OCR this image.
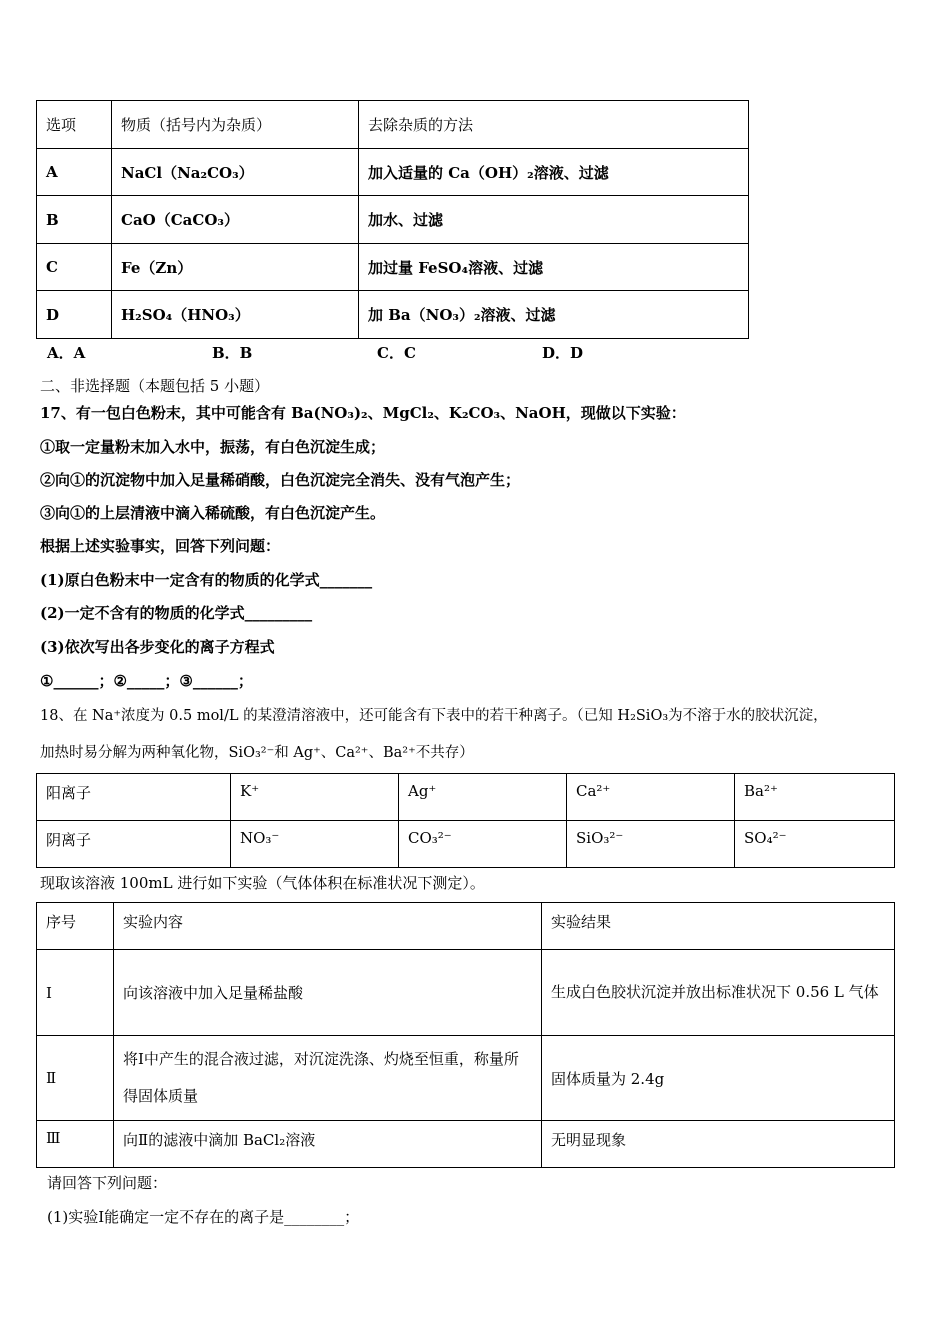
选项	物质（括号内为杂质）	去除杂质的方法
A	NaCl（Na₂CO₃）	加入适量的 Ca（OH）₂溶液、过滤
B	CaO（CaCO₃）	加水、过滤
C	Fe（Zn）	加过量 FeSO₄溶液、过滤
D	H₂SO₄（HNO₃）	加 Ba（NO₃）₂溶液、过滤
A．A	B．B	C．C	D．D
二、非选择题（本题包括 5 小题）
17、有一包白色粉末，其中可能含有 Ba(NO₃)₂、MgCl₂、K₂CO₃、NaOH，现做以下实验：
①取一定量粉末加入水中，振荡，有白色沉淀生成；
②向①的沉淀物中加入足量稀硝酸，白色沉淀完全消失、没有气泡产生；
③向①的上层清液中滴入稀硫酸，有白色沉淀产生。
根据上述实验事实，回答下列问题：
(1)原白色粉末中一定含有的物质的化学式_______
(2)一定不含有的物质的化学式_________
(3)依次写出各步变化的离子方程式
①______；②_____；③______；
18、在 Na⁺浓度为 0.5 mol/L 的某澄清溶液中，还可能含有下表中的若干种离子。（已知 H₂SiO₃为不溶于水的胶状沉淀，
加热时易分解为两种氧化物，SiO₃²⁻和 Ag⁺、Ca²⁺、Ba²⁺不共存）
阳离子	K⁺	Ag⁺	Ca²⁺	Ba²⁺
阴离子	NO₃⁻	CO₃²⁻	SiO₃²⁻	SO₄²⁻
现取该溶液 100mL 进行如下实验（气体体积在标准状况下测定）。
序号	实验内容	实验结果
Ⅰ	向该溶液中加入足量稀盐酸	生成白色胶状沉淀并放出标准状况下 0.56 L 气体
Ⅱ	将Ⅰ中产生的混合液过滤，对沉淀洗涤、灼烧至恒重，称量所得固体质量	固体质量为 2.4g
Ⅲ	向Ⅱ的滤液中滴加 BaCl₂溶液	无明显现象
请回答下列问题：
(1)实验Ⅰ能确定一定不存在的离子是________；
